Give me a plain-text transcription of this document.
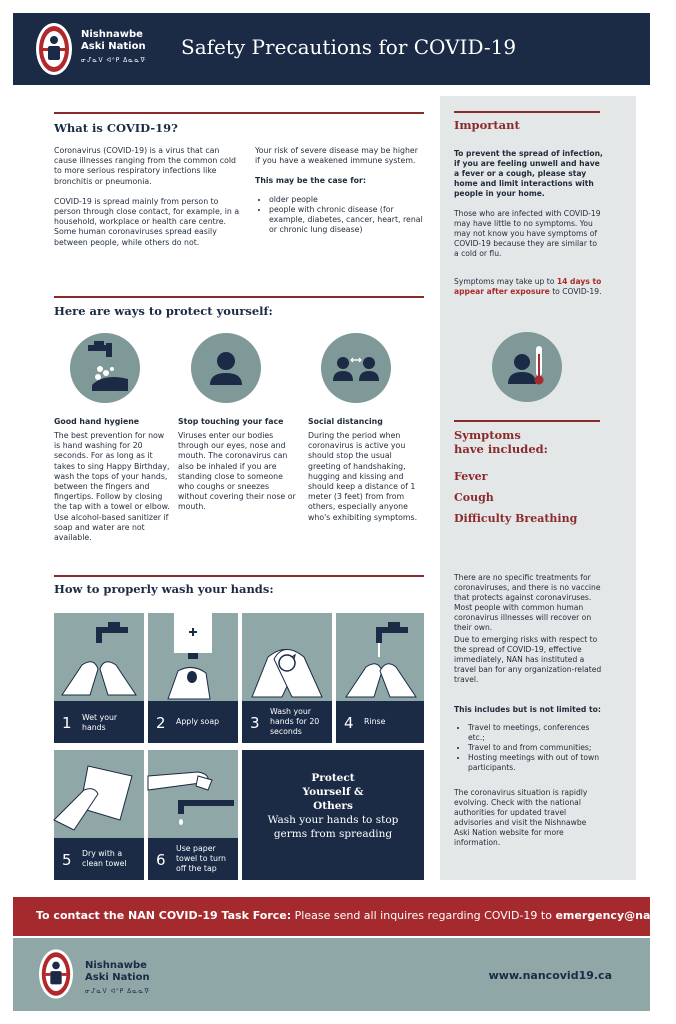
Nishnawbe
Aski Nation
ᓂᔑᓇᐯ ᐊᐢᑭ ᐃᓇᓇᐍ
Safety Precautions for COVID-19
What is COVID-19?

Coronavirus (COVID-19) is a virus that can cause illnesses ranging from the common cold to more serious respiratory infections like bronchitis or pneumonia.

COVID-19 is spread mainly from person to person through close contact, for example, in a household, workplace or health care centre. Some human coronaviruses spread easily between people, while others do not.

Your risk of severe disease may be higher if you have a weakened immune system.

This may be the case for:

• older people
• people with chronic disease (for example, diabetes, cancer, heart, renal or chronic lung disease)
Here are ways to protect yourself:
Good hand hygiene
The best prevention for now is hand washing for 20 seconds. For as long as it takes to sing Happy Birthday, wash the tops of your hands, between the fingers and fingertips. Follow by closing the tap with a towel or elbow. Use alcohol-based sanitizer if soap and water are not available.
Stop touching your face
Viruses enter our bodies through our eyes, nose and mouth. The coronavirus can also be inhaled if you are standing close to someone who coughs or sneezes without covering their nose or mouth.
Social distancing
During the period when coronavirus is active you should stop the usual greeting of handshaking, hugging and kissing and should keep a distance of 1 meter (3 feet) from from others, especially anyone who's exhibiting symptoms.
How to properly wash your hands:
1 Wet your hands	2 Apply soap	3
Wash your hands for 20 seconds	4 Rinse
5 Dry with a clean towel	6
Use paper towel to turn off the tap
Protect Yourself & Others
Wash your hands to stop germs from spreading
Important

To prevent the spread of infection, if you are feeling unwell and have a fever or a cough, please stay home and limit interactions with people in your home.

Those who are infected with COVID-19 may have little to no symptoms. You may not know you have symptoms of COVID-19 because they are similar to a cold or flu.

Symptoms may take up to 14 days to appear after exposure to COVID-19.

Symptoms
have included:
Fever
Cough
Difficulty Breathing

There are no specific treatments for coronaviruses, and there is no vaccine that protects against coronaviruses. Most people with common human coronavirus illnesses will recover on their own.

Due to emerging risks with respect to the spread of COVID-19, effective immediately, NAN has instituted a travel ban for any organization-related travel.

This includes but is not limited to:

• Travel to meetings, conferences etc.;
• Travel to and from communities;
• Hosting meetings with out of town participants.

The coronavirus situation is rapidly evolving. Check with the national authorities for updated travel advisories and visit the Nishnawbe Aski Nation website for more information.

To contact the NAN COVID-19 Task Force: Please send all inquires regarding COVID-19 to emergency@nan.ca
Nishnawbe
Aski Nation
ᓂᔑᓇᐯ ᐊᐢᑭ ᐃᓇᓇᐍ
www.nancovid19.ca
